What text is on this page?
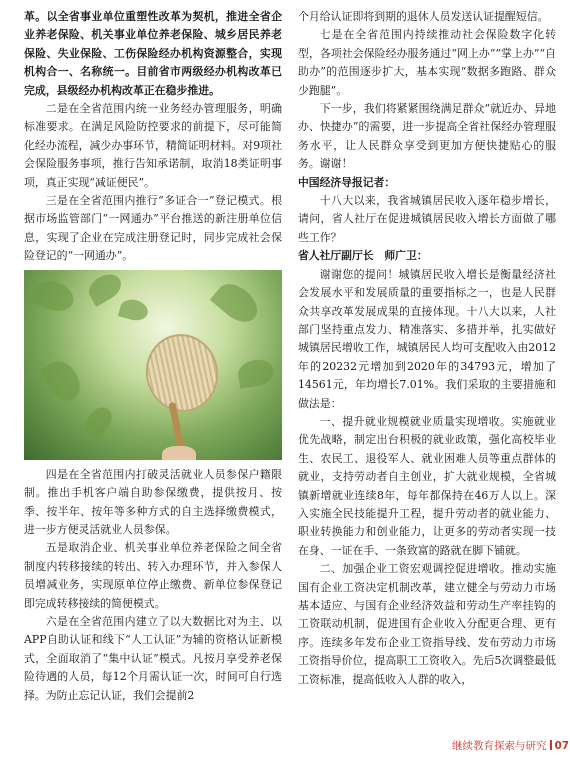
革。以全省事业单位重塑性改革为契机，推进全省企业养老保险、机关事业单位养老保险、城乡居民养老保险、失业保险、工伤保险经办机构资源整合，实现机构合一、名称统一。目前省市两级经办机构改革已完成，县级经办机构改革正在稳步推进。

二是在全省范围内统一业务经办管理服务，明确标准要求。在满足风险防控要求的前提下，尽可能简化经办流程，减少办事环节，精简证明材料。对9项社会保险服务事项，推行告知承诺制，取消18类证明事项，真正实现“减证便民”。

三是在全省范围内推行“多证合一”登记模式。根据市场监管部门“一网通办”平台推送的新注册单位信息，实现了企业在完成注册登记时，同步完成社会保险登记的“一网通办”。

四是在全省范围内打破灵活就业人员参保户籍限制。推出手机客户端自助参保缴费，提供按月、按季、按半年、按年等多种方式的自主选择缴费模式，进一步方便灵活就业人员参保。

五是取消企业、机关事业单位养老保险之间全省制度内转移接续的转出、转入办理环节，并入参保人员增减业务，实现原单位停止缴费、新单位参保登记即完成转移接续的简便模式。

六是在全省范围内建立了以大数据比对为主、以APP自助认证和线下“人工认证”为辅的资格认证新模式，全面取消了“集中认证”模式。凡按月享受养老保险待遇的人员，每12个月需认证一次，时间可自行选择。为防止忘记认证，我们会提前2

个月给认证即将到期的退休人员发送认证提醒短信。

七是在全省范围内持续推动社会保险数字化转型，各项社会保险经办服务通过“网上办”“掌上办”“自助办”的范围逐步扩大，基本实现“数据多跑路、群众少跑腿”。

下一步，我们将紧紧围绕满足群众“就近办、异地办、快捷办”的需要，进一步提高全省社保经办管理服务水平，让人民群众享受到更加方便快捷贴心的服务。谢谢！

中国经济导报记者：

十八大以来，我省城镇居民收入逐年稳步增长，请问，省人社厅在促进城镇居民收入增长方面做了哪些工作？

省人社厅副厅长　师广卫：

谢谢您的提问！城镇居民收入增长是衡量经济社会发展水平和发展质量的重要指标之一，也是人民群众共享改革发展成果的直接体现。十八大以来，人社部门坚持重点发力、精准落实、多措并举，扎实做好城镇居民增收工作，城镇居民人均可支配收入由2012年的20232元增加到2020年的34793元，增加了14561元，年均增长7.01%。我们采取的主要措施和做法是：

一、提升就业规模就业质量实现增收。实施就业优先战略，制定出台积极的就业政策，强化高校毕业生、农民工、退役军人、就业困难人员等重点群体的就业，支持劳动者自主创业，扩大就业规模，全省城镇新增就业连续8年，每年都保持在46万人以上。深入实施全民技能提升工程，提升劳动者的就业能力、职业转换能力和创业能力，让更多的劳动者实现一技在身、一证在手、一条致富的路就在脚下铺就。

二、加强企业工资宏观调控促进增收。推动实施国有企业工资决定机制改革，建立健全与劳动力市场基本适应、与国有企业经济效益和劳动生产率挂钩的工资联动机制，促进国有企业收入分配更合理、更有序。连续多年发布企业工资指导线、发布劳动力市场工资指导价位，提高职工工资收入。先后5次调整最低工资标准，提高低收入人群的收入，

继续教育探索与研究 07
